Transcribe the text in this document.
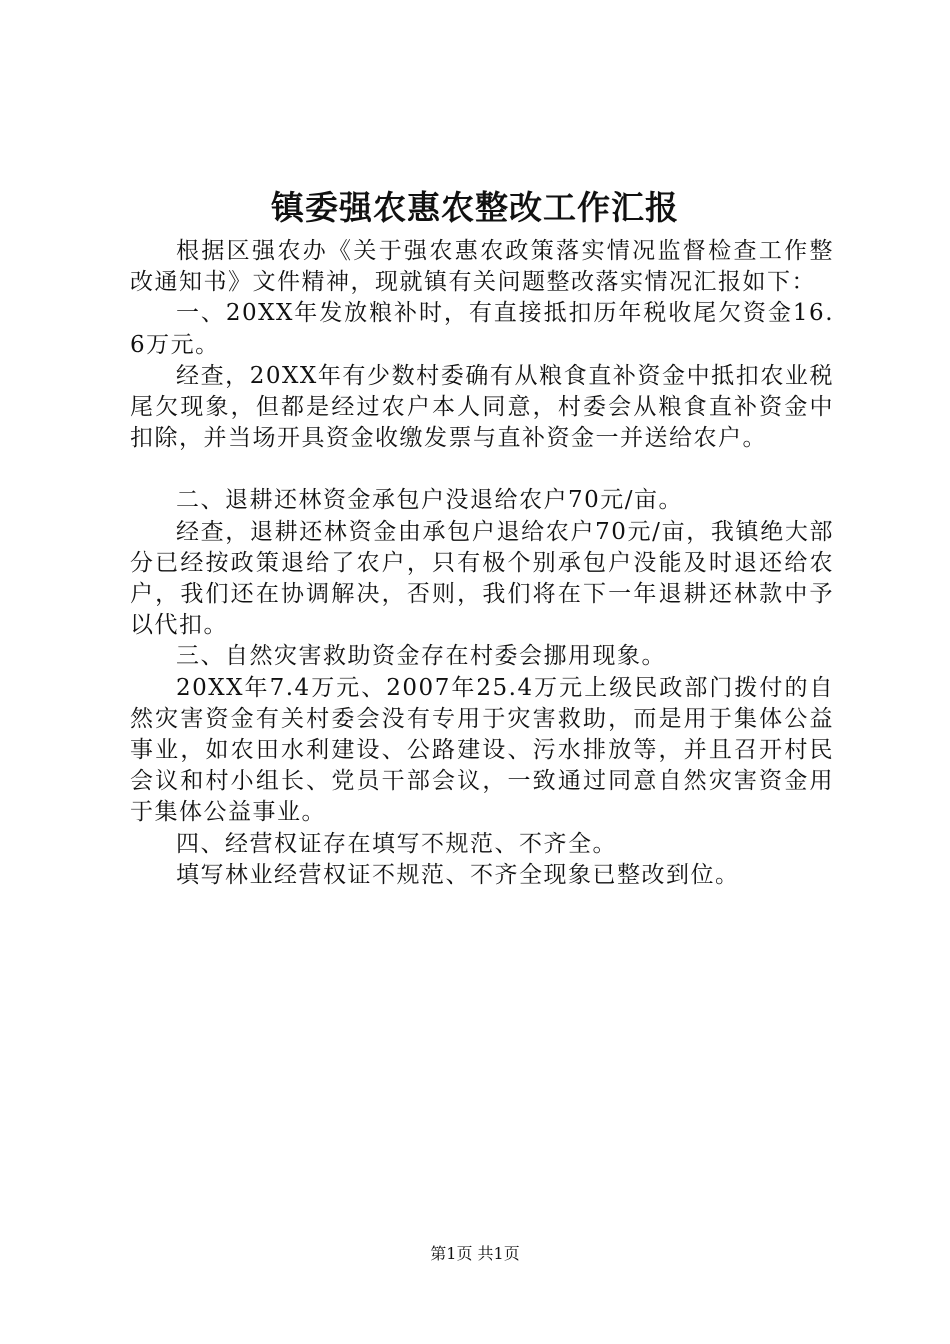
镇委强农惠农整改工作汇报

根据区强农办《关于强农惠农政策落实情况监督检查工作整改通知书》文件精神，现就镇有关问题整改落实情况汇报如下：

一、20XX年发放粮补时，有直接抵扣历年税收尾欠资金16.6万元。

经查，20XX年有少数村委确有从粮食直补资金中抵扣农业税尾欠现象，但都是经过农户本人同意，村委会从粮食直补资金中扣除，并当场开具资金收缴发票与直补资金一并送给农户。

二、退耕还林资金承包户没退给农户70元/亩。

经查，退耕还林资金由承包户退给农户70元/亩，我镇绝大部分已经按政策退给了农户，只有极个别承包户没能及时退还给农户，我们还在协调解决，否则，我们将在下一年退耕还林款中予以代扣。

三、自然灾害救助资金存在村委会挪用现象。

20XX年7.4万元、2007年25.4万元上级民政部门拨付的自然灾害资金有关村委会没有专用于灾害救助，而是用于集体公益事业，如农田水利建设、公路建设、污水排放等，并且召开村民会议和村小组长、党员干部会议，一致通过同意自然灾害资金用于集体公益事业。

四、经营权证存在填写不规范、不齐全。

填写林业经营权证不规范、不齐全现象已整改到位。

第1页 共1页
